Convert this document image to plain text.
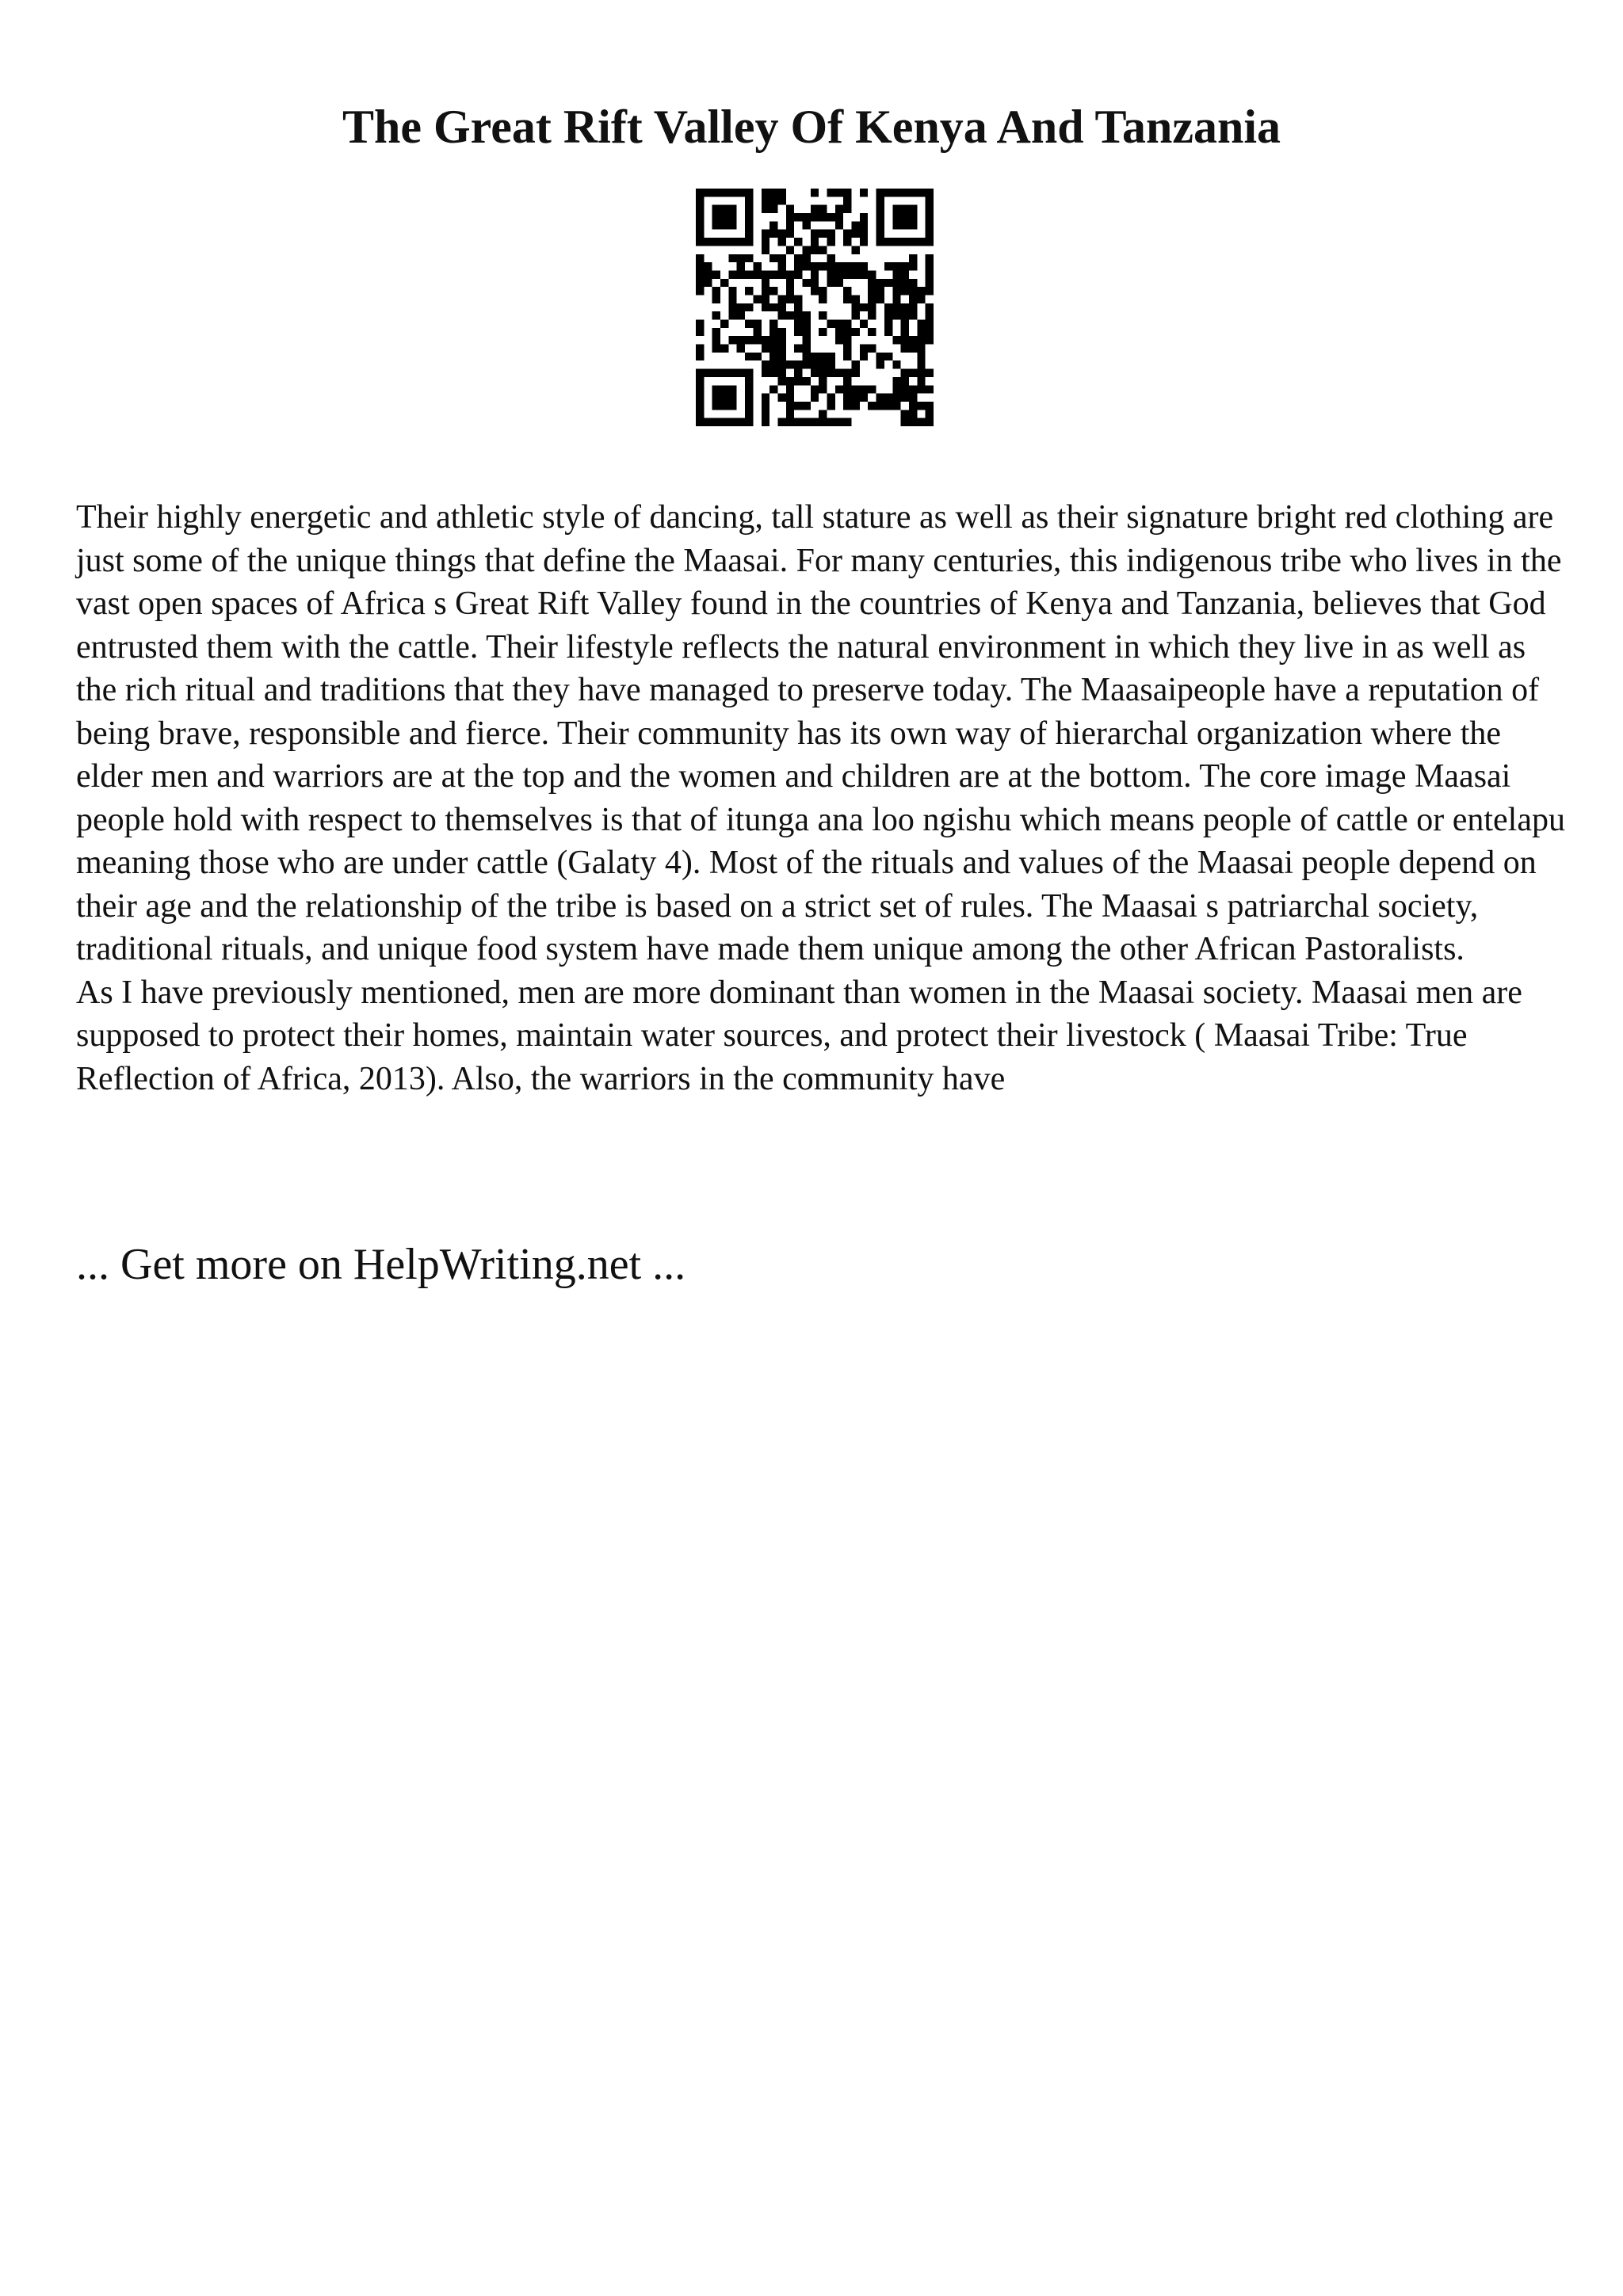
The Great Rift Valley Of Kenya And Tanzania

Their highly energetic and athletic style of dancing, tall stature as well as their signature bright red clothing are just some of the unique things that define the Maasai. For many centuries, this indigenous tribe who lives in the vast open spaces of Africa s Great Rift Valley found in the countries of Kenya and Tanzania, believes that God entrusted them with the cattle. Their lifestyle reflects the natural environment in which they live in as well as the rich ritual and traditions that they have managed to preserve today. The Maasaipeople have a reputation of being brave, responsible and fierce. Their community has its own way of hierarchal organization where the elder men and warriors are at the top and the women and children are at the bottom. The core image Maasai people hold with respect to themselves is that of itunga ana loo ngishu which means people of cattle or entelapu meaning those who are under cattle (Galaty 4). Most of the rituals and values of the Maasai people depend on their age and the relationship of the tribe is based on a strict set of rules. The Maasai s patriarchal society, traditional rituals, and unique food system have made them unique among the other African Pastoralists.

As I have previously mentioned, men are more dominant than women in the Maasai society. Maasai men are supposed to protect their homes, maintain water sources, and protect their livestock ( Maasai Tribe: True Reflection of Africa, 2013). Also, the warriors in the community have

... Get more on HelpWriting.net ...
